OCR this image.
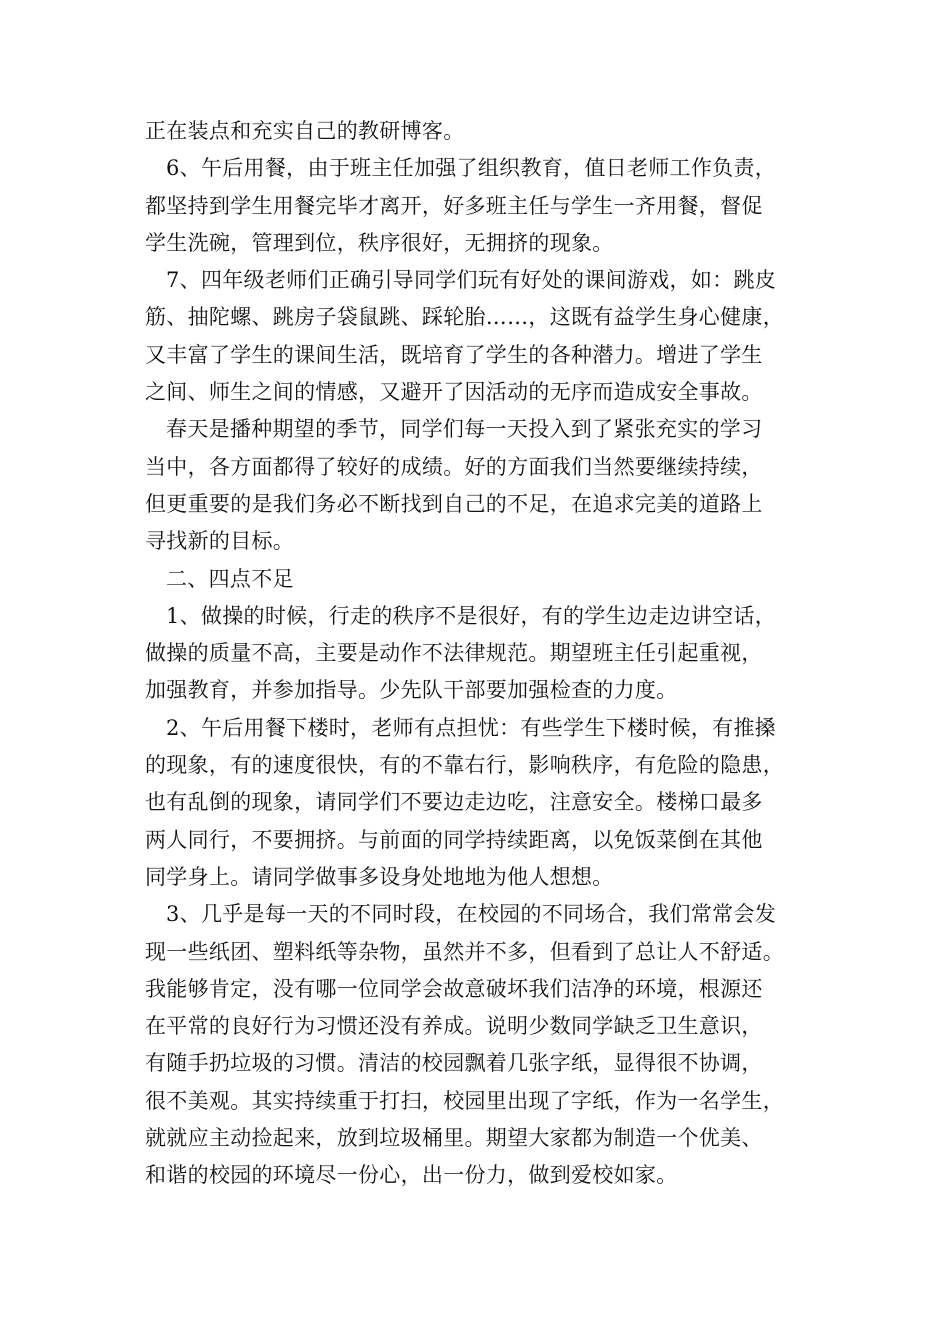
正在装点和充实自己的教研博客。
6、午后用餐，由于班主任加强了组织教育，值日老师工作负责，
都坚持到学生用餐完毕才离开，好多班主任与学生一齐用餐，督促
学生洗碗，管理到位，秩序很好，无拥挤的现象。
7、四年级老师们正确引导同学们玩有好处的课间游戏，如：跳皮
筋、抽陀螺、跳房子袋鼠跳、踩轮胎……，这既有益学生身心健康，
又丰富了学生的课间生活，既培育了学生的各种潜力。增进了学生
之间、师生之间的情感，又避开了因活动的无序而造成安全事故。
春天是播种期望的季节，同学们每一天投入到了紧张充实的学习
当中，各方面都得了较好的成绩。好的方面我们当然要继续持续，
但更重要的是我们务必不断找到自己的不足，在追求完美的道路上
寻找新的目标。
二、四点不足
1、做操的时候，行走的秩序不是很好，有的学生边走边讲空话，
做操的质量不高，主要是动作不法律规范。期望班主任引起重视，
加强教育，并参加指导。少先队干部要加强检查的力度。
2、午后用餐下楼时，老师有点担忧：有些学生下楼时候，有推搡
的现象，有的速度很快，有的不靠右行，影响秩序，有危险的隐患，
也有乱倒的现象，请同学们不要边走边吃，注意安全。楼梯口最多
两人同行，不要拥挤。与前面的同学持续距离，以免饭菜倒在其他
同学身上。请同学做事多设身处地地为他人想想。
3、几乎是每一天的不同时段，在校园的不同场合，我们常常会发
现一些纸团、塑料纸等杂物，虽然并不多，但看到了总让人不舒适。
我能够肯定，没有哪一位同学会故意破坏我们洁净的环境，根源还
在平常的良好行为习惯还没有养成。说明少数同学缺乏卫生意识，
有随手扔垃圾的习惯。清洁的校园飘着几张字纸，显得很不协调，
很不美观。其实持续重于打扫，校园里出现了字纸，作为一名学生，
就就应主动捡起来，放到垃圾桶里。期望大家都为制造一个优美、
和谐的校园的环境尽一份心，出一份力，做到爱校如家。
